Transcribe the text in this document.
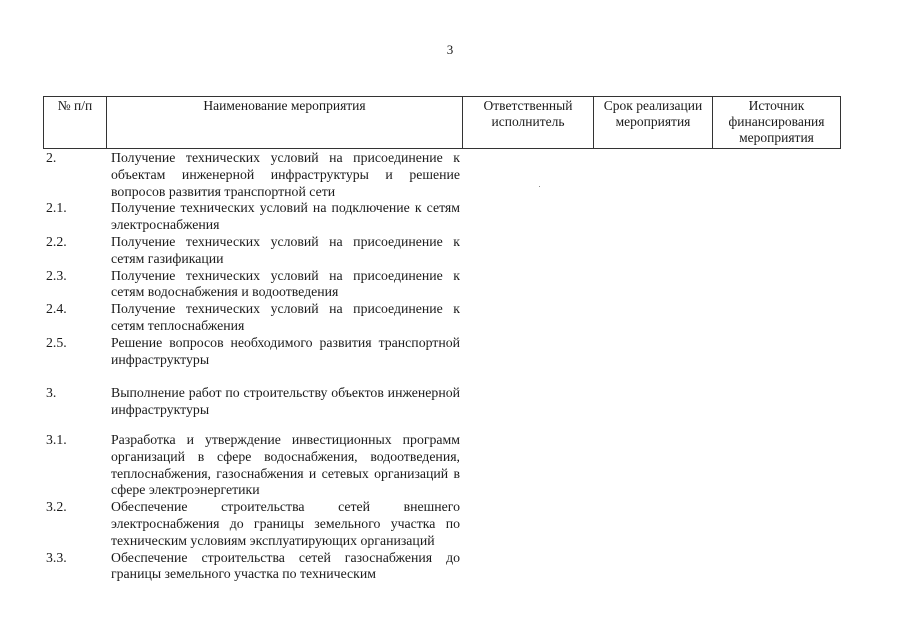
3
№ п/п	Наименование мероприятия	Ответственный исполнитель	Срок реализации мероприятия	Источник финансирования мероприятия
2.	Получение технических условий на присоединение к объектам инженерной инфраструктуры и решение вопросов развития транспортной сети
2.1.	Получение технических условий на подключение к сетям электроснабжения
2.2.	Получение технических условий на присоединение к сетям газификации
2.3.	Получение технических условий на присоединение к сетям водоснабжения и водоотведения
2.4.	Получение технических условий на присоединение к сетям теплоснабжения
2.5.	Решение вопросов необходимого развития транспортной инфраструктуры
3.	Выполнение работ по строительству объектов инженерной инфраструктуры
3.1.	Разработка и утверждение инвестиционных программ организаций в сфере водоснабжения, водоотведения, теплоснабжения, газоснабжения и сетевых организаций в сфере электроэнергетики
3.2.	Обеспечение строительства сетей внешнего электроснабжения до границы земельного участка по техническим условиям эксплуатирующих организаций
3.3.	Обеспечение строительства сетей газоснабжения до границы земельного участка по техническим
